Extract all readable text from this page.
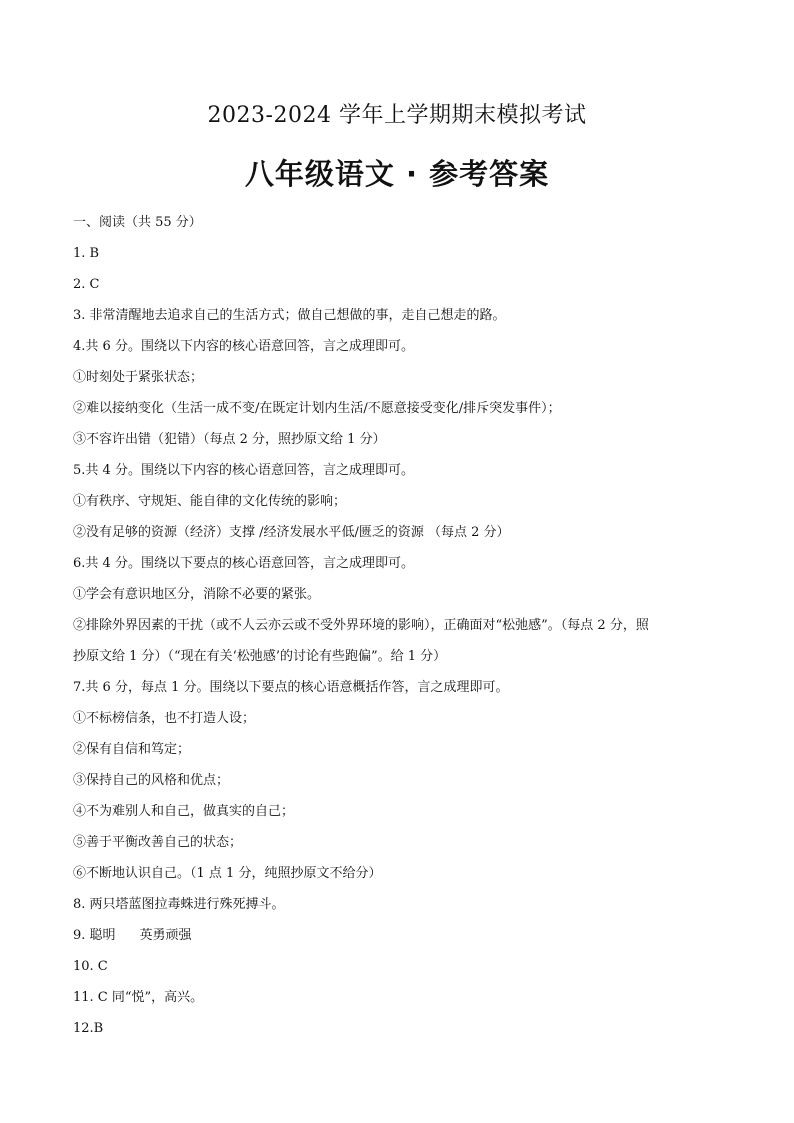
2023-2024 学年上学期期末模拟考试
八年级语文 · 参考答案
一、阅读（共 55 分）
1. B
2. C
3. 非常清醒地去追求自己的生活方式；做自己想做的事，走自己想走的路。
4.共 6 分。围绕以下内容的核心语意回答，言之成理即可。
①时刻处于紧张状态；
②难以接纳变化（生活一成不变/在既定计划内生活/不愿意接受变化/排斥突发事件）；
③不容许出错（犯错）（每点 2 分，照抄原文给 1 分）
5.共 4 分。围绕以下内容的核心语意回答，言之成理即可。
①有秩序、守规矩、能自律的文化传统的影响；
②没有足够的资源（经济）支撑 /经济发展水平低/匮乏的资源 （每点 2 分）
6.共 4 分。围绕以下要点的核心语意回答，言之成理即可。
①学会有意识地区分，消除不必要的紧张。
②排除外界因素的干扰（或不人云亦云或不受外界环境的影响），正确面对“松弛感”。（每点 2 分，照
抄原文给 1 分）（“现在有关‘松弛感’的讨论有些跑偏”。给 1 分）
7.共 6 分，每点 1 分。围绕以下要点的核心语意概括作答，言之成理即可。
①不标榜信条，也不打造人设；
②保有自信和笃定；
③保持自己的风格和优点；
④不为难别人和自己，做真实的自己；
⑤善于平衡改善自己的状态；
⑥不断地认识自己。（1 点 1 分，纯照抄原文不给分）
8. 两只塔蓝图拉毒蛛进行殊死搏斗。
9. 聪明 英勇顽强
10. C
11. C 同“悦”，高兴。
12.B
